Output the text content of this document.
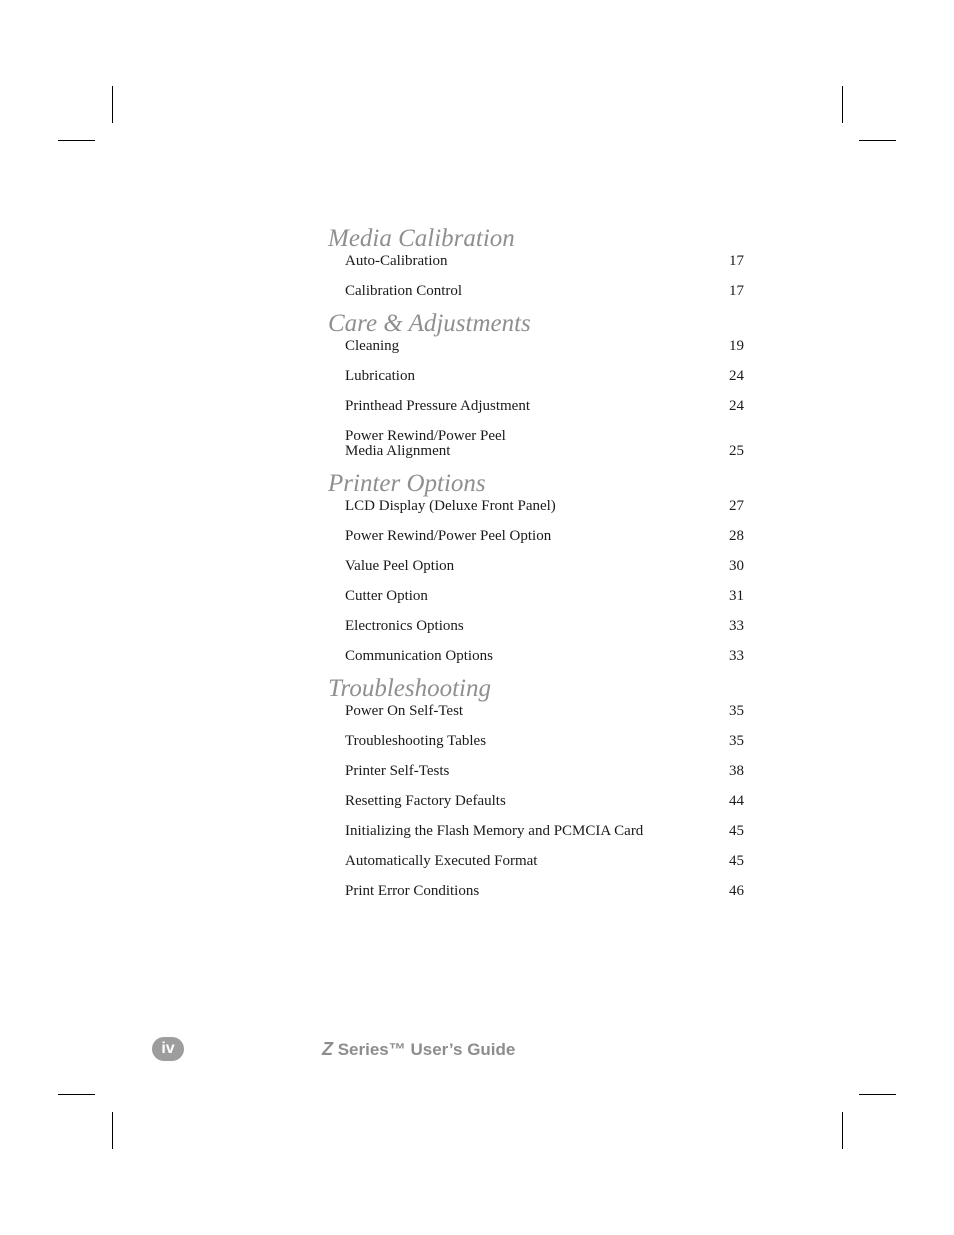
Media Calibration
Auto-Calibration	17
Calibration Control	17
Care & Adjustments
Cleaning	19
Lubrication	24
Printhead Pressure Adjustment	24
Power Rewind/Power Peel
Media Alignment	25
Printer Options
LCD Display (Deluxe Front Panel)	27
Power Rewind/Power Peel Option	28
Value Peel Option	30
Cutter Option	31
Electronics Options	33
Communication Options	33
Troubleshooting
Power On Self-Test	35
Troubleshooting Tables	35
Printer Self-Tests	38
Resetting Factory Defaults	44
Initializing the Flash Memory and PCMCIA Card	45
Automatically Executed Format	45
Print Error Conditions	46
iv	Z Series™ User’s Guide
